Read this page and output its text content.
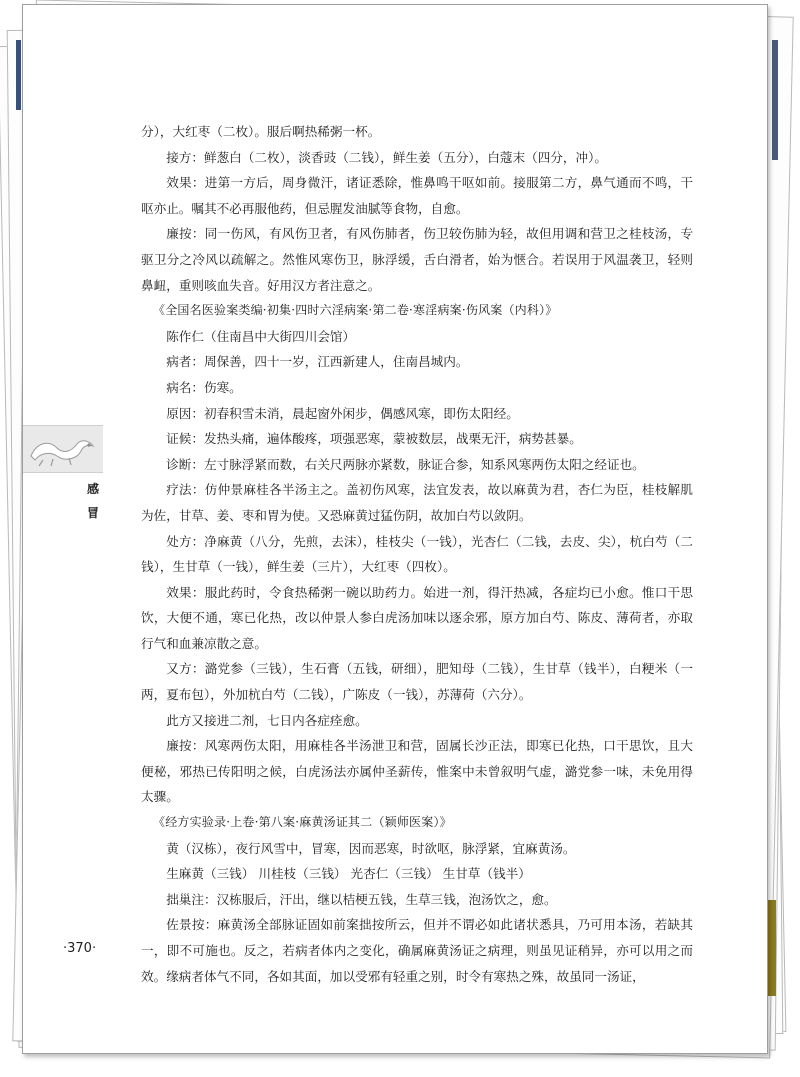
感冒

分），大红枣（二枚）。服后啊热稀粥一杯。

接方：鲜葱白（二枚），淡香豉（二钱），鲜生姜（五分），白蔻末（四分，冲）。

效果：进第一方后，周身微汗，诸证悉除，惟鼻鸣干呕如前。接服第二方，鼻气通而不鸣，干呕亦止。嘱其不必再服他药，但忌腥发油腻等食物，自愈。

廉按：同一伤风，有风伤卫者，有风伤肺者，伤卫较伤肺为轻，故但用调和营卫之桂枝汤，专驱卫分之冷风以疏解之。然惟风寒伤卫，脉浮缓，舌白滑者，始为惬合。若误用于风温袭卫，轻则鼻衄，重则咳血失音。好用汉方者注意之。

《全国名医验案类编·初集·四时六淫病案·第二卷·寒淫病案·伤风案（内科）》

陈作仁（住南昌中大街四川会馆）

病者：周保善，四十一岁，江西新建人，住南昌城内。

病名：伤寒。

原因：初春积雪未消，晨起窗外闲步，偶感风寒，即伤太阳经。

证候：发热头痛，遍体酸疼，项强恶寒，蒙被数层，战栗无汗，病势甚暴。

诊断：左寸脉浮紧而数，右关尺两脉亦紧数，脉证合参，知系风寒两伤太阳之经证也。

疗法：仿仲景麻桂各半汤主之。盖初伤风寒，法宜发表，故以麻黄为君，杏仁为臣，桂枝解肌为佐，甘草、姜、枣和胃为使。又恐麻黄过猛伤阴，故加白芍以敛阴。

处方：净麻黄（八分，先煎，去沫），桂枝尖（一钱），光杏仁（二钱，去皮、尖），杭白芍（二钱），生甘草（一钱），鲜生姜（三片），大红枣（四枚）。

效果：服此药时，令食热稀粥一碗以助药力。始进一剂，得汗热减，各症均已小愈。惟口干思饮，大便不通，寒已化热，改以仲景人参白虎汤加味以逐余邪，原方加白芍、陈皮、薄荷者，亦取行气和血兼凉散之意。

又方：潞党参（三钱），生石膏（五钱，研细），肥知母（二钱），生甘草（钱半），白粳米（一两，夏布包），外加杭白芍（二钱），广陈皮（一钱），苏薄荷（六分）。

此方又接进二剂，七日内各症痊愈。

廉按：风寒两伤太阳，用麻桂各半汤泄卫和营，固属长沙正法，即寒已化热，口干思饮，且大便秘，邪热已传阳明之候，白虎汤法亦属仲圣薪传，惟案中未曾叙明气虚，潞党参一味，未免用得太骤。

《经方实验录·上卷·第八案·麻黄汤证其二（颖师医案）》

黄（汉栋），夜行风雪中，冒寒，因而恶寒，时欲呕，脉浮紧，宜麻黄汤。

生麻黄（三钱） 川桂枝（三钱） 光杏仁（三钱） 生甘草（钱半）

拙巢注：汉栋服后，汗出，继以桔梗五钱，生草三钱，泡汤饮之，愈。

佐景按：麻黄汤全部脉证固如前案拙按所云，但并不谓必如此诸状悉具，乃可用本汤，若缺其一，即不可施也。反之，若病者体内之变化，确属麻黄汤证之病理，则虽见证稍异，亦可以用之而效。缘病者体气不同，各如其面，加以受邪有轻重之别，时令有寒热之殊，故虽同一汤证，

·370·
